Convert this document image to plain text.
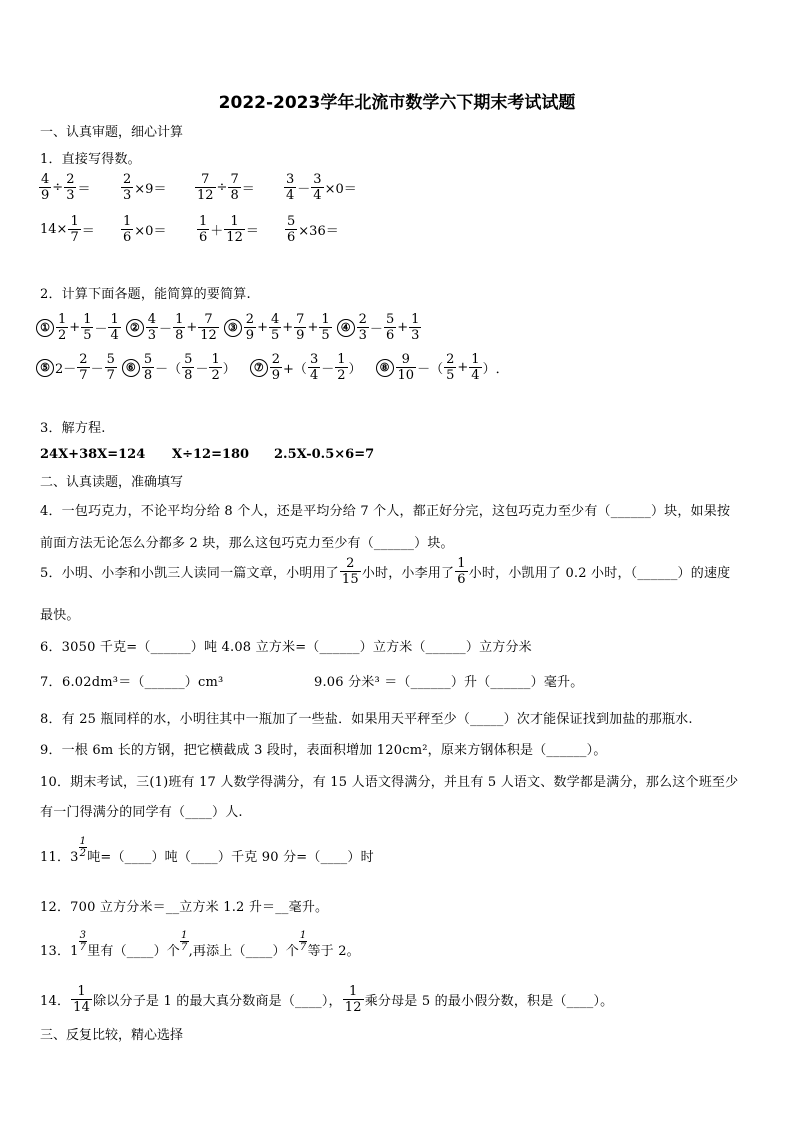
2022-2023学年北流市数学六下期末考试试题
一、认真审题，细心计算
1．直接写得数。
$\frac{4}{9} \div \frac{2}{3} = \frac{2}{3} \times 9= \frac{7}{12} \div \frac{7}{8} = \frac{3}{4} - \frac{3}{4} \times 0=$
$14\times \frac{1}{7} = \frac{1}{6} \times 0= \frac{1}{6} + \frac{1}{12} = \frac{5}{6} \times 36=$
2．计算下面各题，能简算的要简算.
① $\frac{1}{2} + \frac{1}{5} - \frac{1}{4}$ ② $\frac{4}{3} - \frac{1}{8} + \frac{7}{12}$ ③ $\frac{2}{9} + \frac{4}{5} + \frac{7}{9} + \frac{1}{5}$ ④ $\frac{2}{3} - \frac{5}{6} + \frac{1}{3}$
⑤ $2- \frac{2}{7} - \frac{5}{7}$ ⑥ $\frac{5}{8}$ －（ $\frac{5}{8} - \frac{1}{2}$ ）	⑦ $\frac{2}{9}$ +（ $\frac{3}{4} - \frac{1}{2}$ ）	⑧ $\frac{9}{10}$ －（ $\frac{2}{5} + \frac{1}{4}$ ） ．
3．解方程.
24X+38X=124 X÷12=180 2.5X-0.5×6=7
二、认真读题，准确填写
4．一包巧克力，不论平均分给 8 个人，还是平均分给 7 个人，都正好分完，这包巧克力至少有（______）块，如果按
前面方法无论怎么分都多 2 块，那么这包巧克力至少有（______）块。
5．小明、小李和小凯三人读同一篇文章，小明用了 $\frac{2}{15}$ 小时，小李用了 $\frac{1}{6}$ 小时，小凯用了 0.2 小时，（______）的速度
最快。
6．3050 千克=（______）吨 4.08 立方米=（______）立方米（______）立方分米
7． 6.02dm³＝（______）cm³	9.06 分米³ ＝（______）升（______）毫升。
8．有 25 瓶同样的水，小明往其中一瓶加了一些盐．如果用天平秤至少（_____）次才能保证找到加盐的那瓶水.
9．一根 6m 长的方钢，把它横截成 3 段时，表面积增加 120cm²，原来方钢体积是（______）。
10．期末考试，三(1)班有 17 人数学得满分，有 15 人语文得满分，并且有 5 人语文、数学都是满分，那么这个班至少
有一门得满分的同学有（____）人.
11．$3 \frac{1}{2}$ 吨=（____）吨（____）千克 90 分=（____）时
12．700 立方分米＝__立方米 1.2 升＝__毫升。
13．$1 \frac{3}{7}$ 里有（____）个 $\frac{1}{7}$ ,再添上（____）个 $\frac{1}{7}$ 等于 2。
14． $\frac{1}{14}$ 除以分子是 1 的最大真分数商是（____）， $\frac{1}{12}$ 乘分母是 5 的最小假分数，积是（____）。
三、反复比较，精心选择
